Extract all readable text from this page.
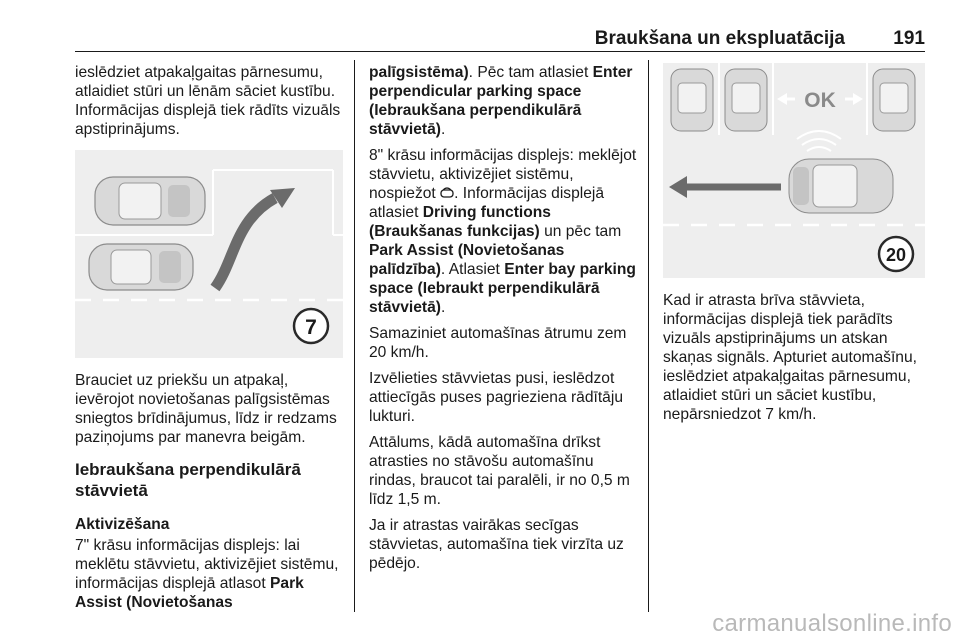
Braukšana un ekspluatācija	191

ieslēdziet atpakaļgaitas pārnesumu, atlaidiet stūri un lēnām sāciet kustību. Informācijas displejā tiek rādīts vizuāls apstiprinājums.

7

Brauciet uz priekšu un atpakaļ, ievērojot novietošanas palīgsistēmas sniegtos brīdinājumus, līdz ir redzams paziņojums par manevra beigām.

Iebraukšana perpendikulārā stāvvietā
Aktivizēšana

7" krāsu informācijas displejs: lai meklētu stāvvietu, aktivizējiet sistēmu, informācijas displejā atlasot Park Assist (Novietošanas

palīgsistēma). Pēc tam atlasiet Enter perpendicular parking space (Iebraukšana perpendikulārā stāvvietā).

8" krāsu informācijas displejs: meklējot stāvvietu, aktivizējiet sistēmu, nospiežot . Informācijas displejā atlasiet Driving functions (Braukšanas funkcijas) un pēc tam Park Assist (Novietošanas palīdzība). Atlasiet Enter bay parking space (Iebraukt perpendikulārā stāvvietā).

Samaziniet automašīnas ātrumu zem 20 km/h.

Izvēlieties stāvvietas pusi, ieslēdzot attiecīgās puses pagrieziena rādītāju lukturi.

Attālums, kādā automašīna drīkst atrasties no stāvošu automašīnu rindas, braucot tai paralēli, ir no 0,5 m līdz 1,5 m.

Ja ir atrastas vairākas secīgas stāvvietas, automašīna tiek virzīta uz pēdējo.

OK
20

Kad ir atrasta brīva stāvvieta, informācijas displejā tiek parādīts vizuāls apstiprinājums un atskan skaņas signāls. Apturiet automašīnu, ieslēdziet atpakaļgaitas pārnesumu, atlaidiet stūri un sāciet kustību, nepārsniedzot 7 km/h.

carmanualsonline.info
